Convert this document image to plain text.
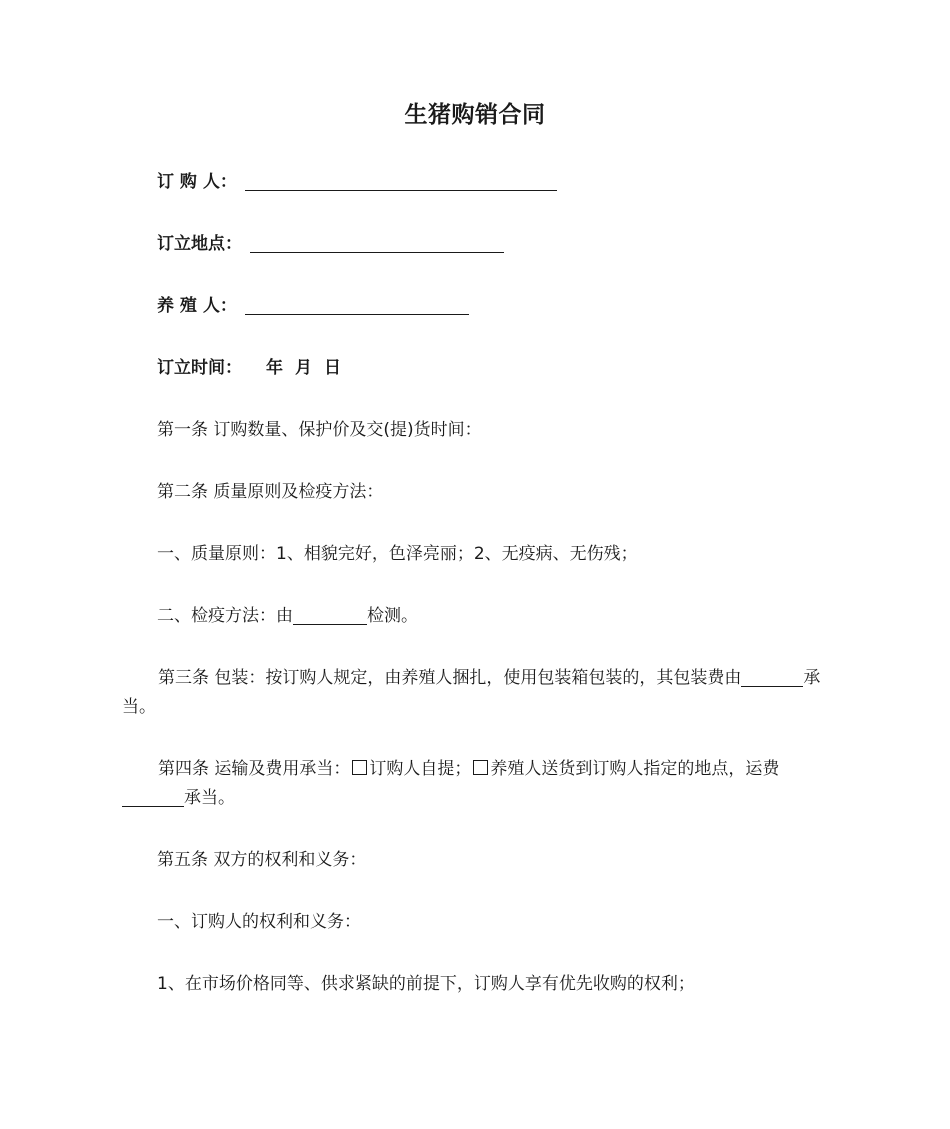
生猪购销合同
订 购 人：
订立地点：
养 殖 人：
订立时间： 年 月 日
第一条 订购数量、保护价及交(提)货时间：
第二条 质量原则及检疫方法：
一、质量原则：1、相貌完好，色泽亮丽；2、无疫病、无伤残；
二、检疫方法：由	检测。
第三条 包装：按订购人规定，由养殖人捆扎，使用包装箱包装的，其包装费由	承当。
第四条 运输及费用承当： 订购人自提； 养殖人送货到订购人指定的地点，运费承当。
第五条 双方的权利和义务：
一、订购人的权利和义务：
1、在市场价格同等、供求紧缺的前提下，订购人享有优先收购的权利；
